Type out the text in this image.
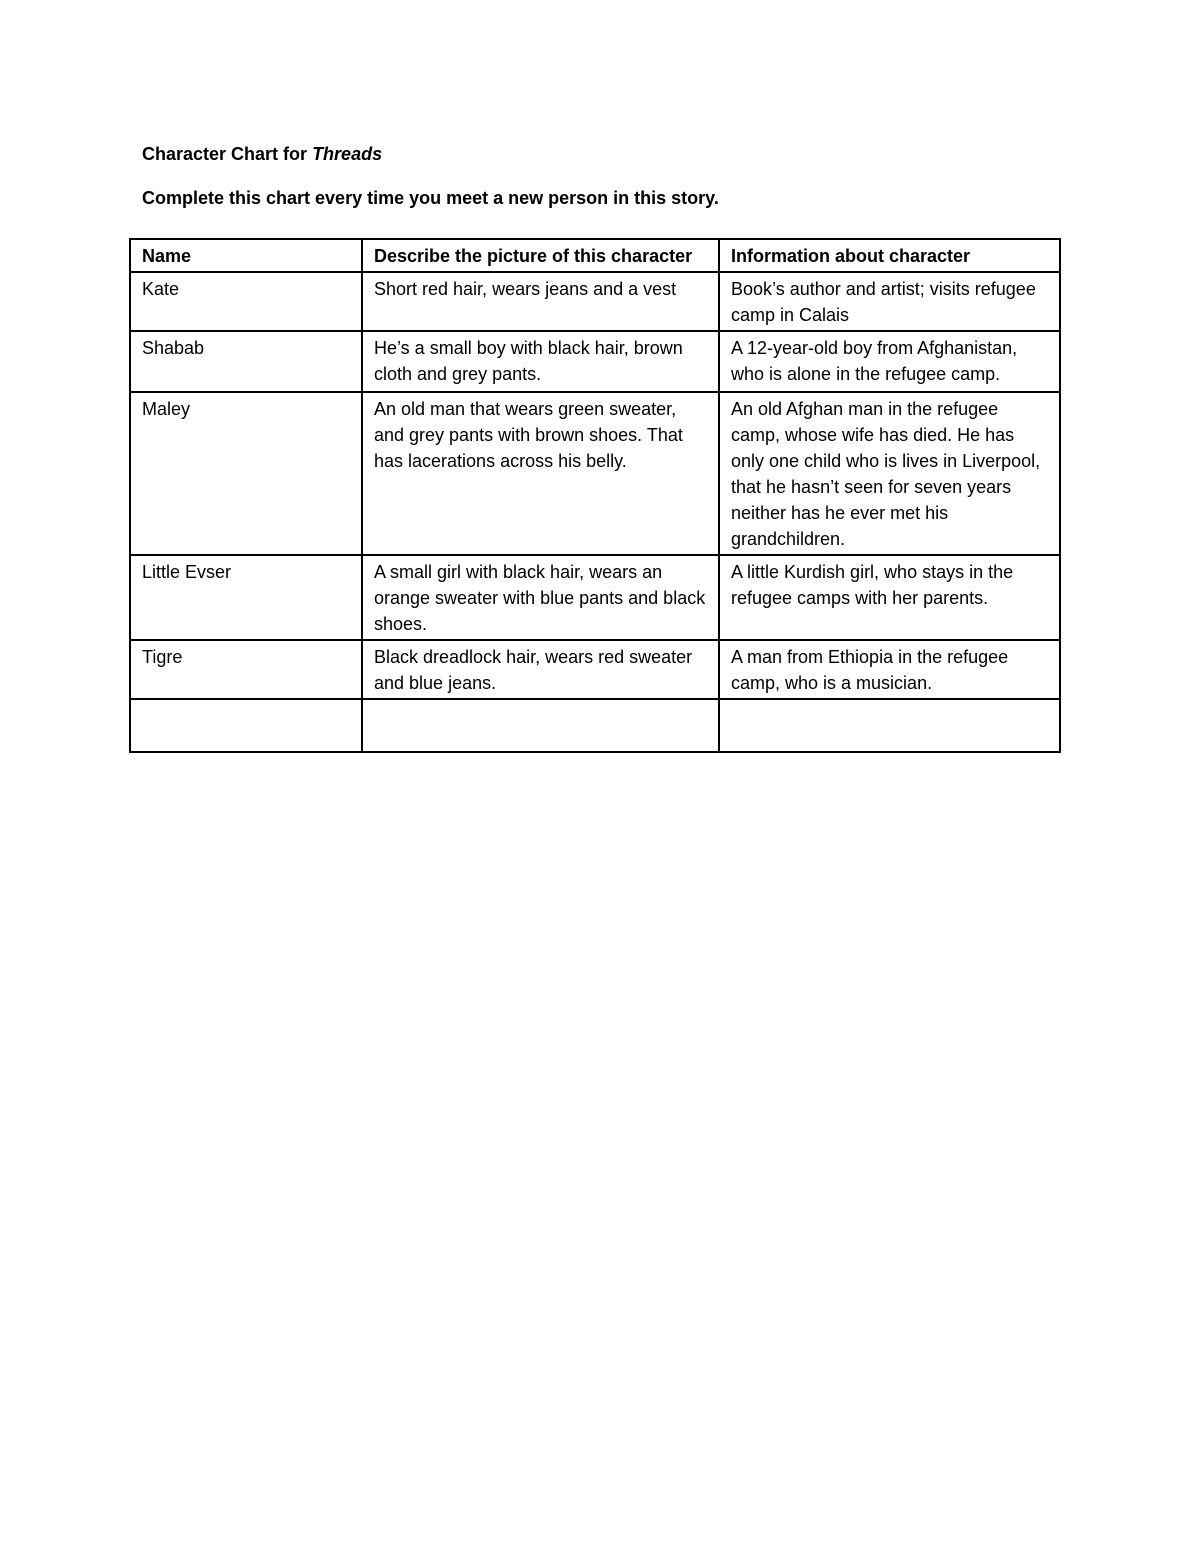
Character Chart for Threads
Complete this chart every time you meet a new person in this story.
Name	Describe the picture of this character	Information about character
Kate	Short red hair, wears jeans and a vest	Book’s author and artist; visits refugee camp in Calais
Shabab	He’s a small boy with black hair, brown cloth and grey pants.	A 12-year-old boy from Afghanistan, who is alone in the refugee camp.
Maley	An old man that wears green sweater, and grey pants with brown shoes. That has lacerations across his belly.	An old Afghan man in the refugee camp, whose wife has died. He has only one child who is lives in Liverpool, that he hasn’t seen for seven years neither has he ever met his grandchildren.
Little Evser	A small girl with black hair, wears an orange sweater with blue pants and black shoes.	A little Kurdish girl, who stays in the refugee camps with her parents.
Tigre	Black dreadlock hair, wears red sweater and blue jeans.	A man from Ethiopia in the refugee camp, who is a musician.
